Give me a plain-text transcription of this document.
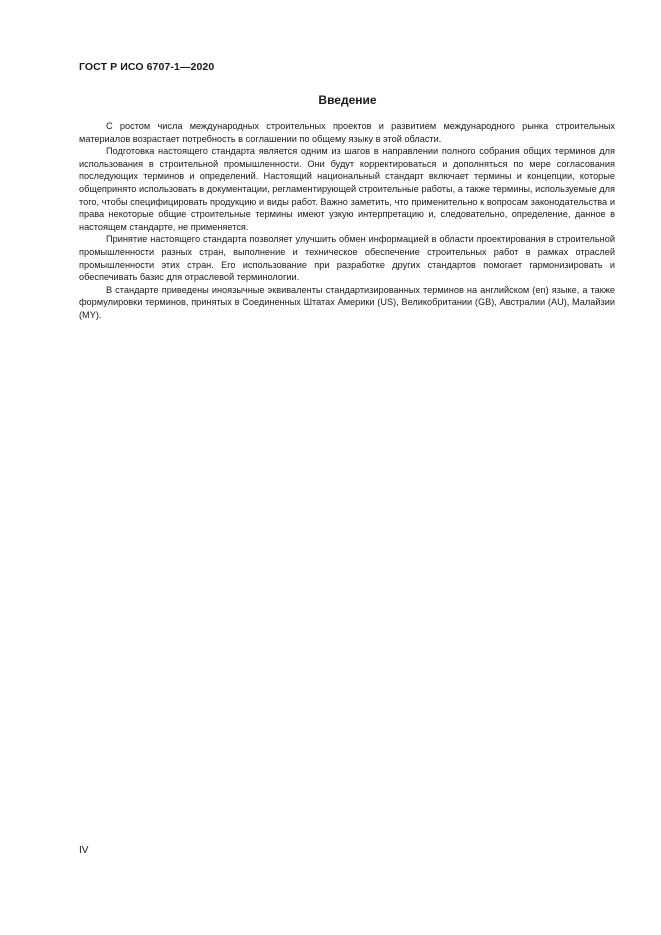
ГОСТ Р ИСО 6707-1—2020
Введение

С ростом числа международных строительных проектов и развитием международного рынка строительных материалов возрастает потребность в соглашении по общему языку в этой области.

Подготовка настоящего стандарта является одним из шагов в направлении полного собрания общих терминов для использования в строительной промышленности. Они будут корректироваться и дополняться по мере согласования последующих терминов и определений. Настоящий национальный стандарт включает термины и концепции, которые общепринято использовать в документации, регламентирующей строительные работы, а также термины, используемые для того, чтобы специфицировать продукцию и виды работ. Важно заметить, что применительно к вопросам законодательства и права некоторые общие строительные термины имеют узкую интерпретацию и, следовательно, определение, данное в настоящем стандарте, не применяется.

Принятие настоящего стандарта позволяет улучшить обмен информацией в области проектирования в строительной промышленности разных стран, выполнение и техническое обеспечение строительных работ в рамках отраслей промышленности этих стран. Его использование при разработке других стандартов помогает гармонизировать и обеспечивать базис для отраслевой терминологии.

В стандарте приведены иноязычные эквиваленты стандартизированных терминов на английском (en) языке, а также формулировки терминов, принятых в Соединенных Штатах Америки (US), Великобритании (GB), Австралии (AU), Малайзии (MY).

IV
